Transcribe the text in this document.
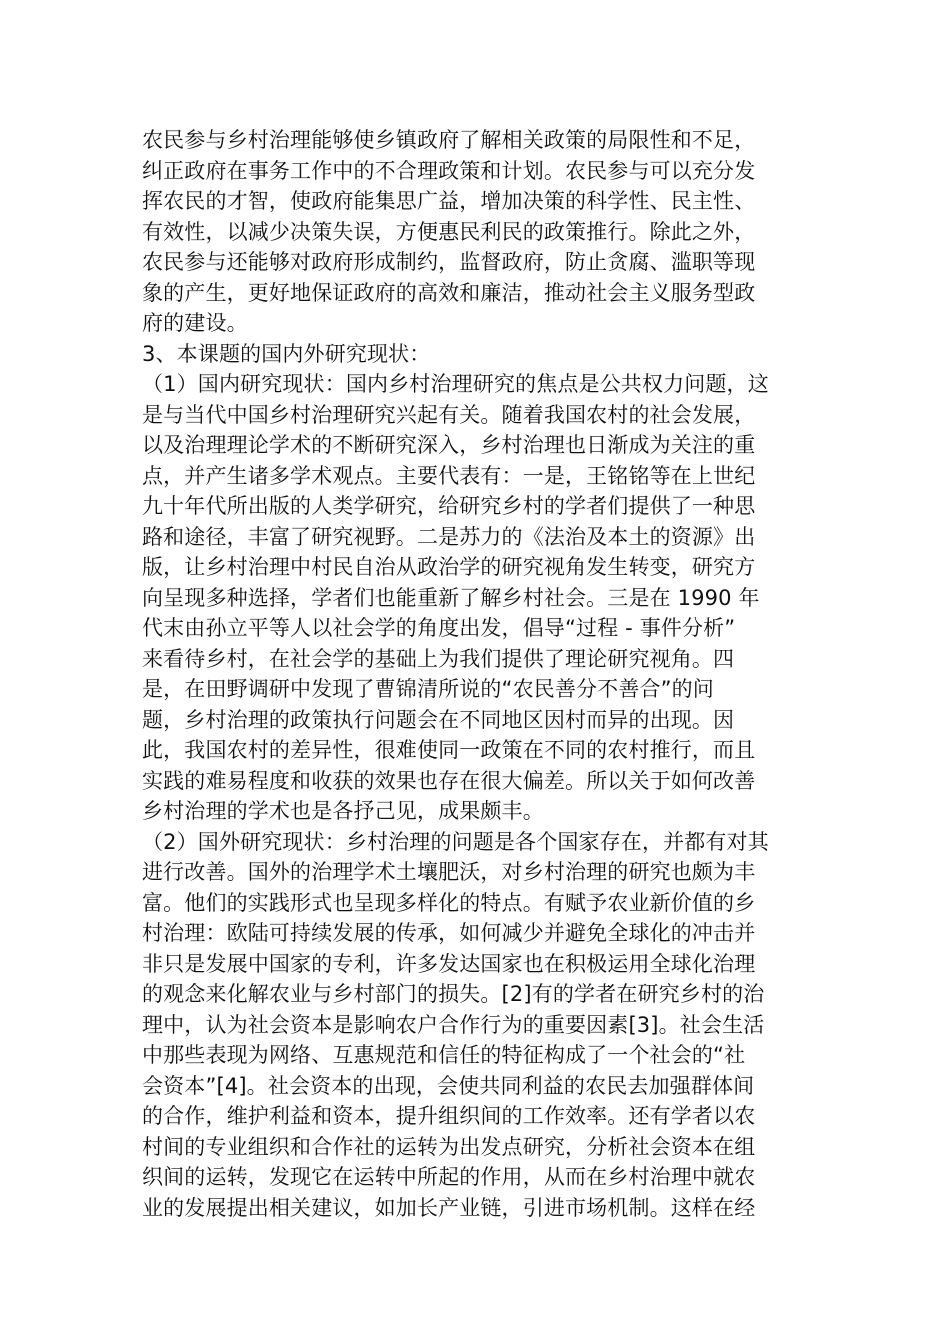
农民参与乡村治理能够使乡镇政府了解相关政策的局限性和不足，
纠正政府在事务工作中的不合理政策和计划。农民参与可以充分发
挥农民的才智，使政府能集思广益，增加决策的科学性、民主性、
有效性，以减少决策失误，方便惠民利民的政策推行。除此之外，
农民参与还能够对政府形成制约，监督政府，防止贪腐、滥职等现
象的产生，更好地保证政府的高效和廉洁，推动社会主义服务型政
府的建设。
3、本课题的国内外研究现状：
（1）国内研究现状：国内乡村治理研究的焦点是公共权力问题，这
是与当代中国乡村治理研究兴起有关。随着我国农村的社会发展，
以及治理理论学术的不断研究深入，乡村治理也日渐成为关注的重
点，并产生诸多学术观点。主要代表有：一是，王铭铭等在上世纪
九十年代所出版的人类学研究，给研究乡村的学者们提供了一种思
路和途径，丰富了研究视野。二是苏力的《法治及本土的资源》出
版，让乡村治理中村民自治从政治学的研究视角发生转变，研究方
向呈现多种选择，学者们也能重新了解乡村社会。三是在 1990 年
代末由孙立平等人以社会学的角度出发，倡导“过程 - 事件分析”
来看待乡村，在社会学的基础上为我们提供了理论研究视角。四
是，在田野调研中发现了曹锦清所说的“农民善分不善合”的问
题，乡村治理的政策执行问题会在不同地区因村而异的出现。因
此，我国农村的差异性，很难使同一政策在不同的农村推行，而且
实践的难易程度和收获的效果也存在很大偏差。所以关于如何改善
乡村治理的学术也是各抒己见，成果颇丰。
（2）国外研究现状：乡村治理的问题是各个国家存在，并都有对其
进行改善。国外的治理学术土壤肥沃，对乡村治理的研究也颇为丰
富。他们的实践形式也呈现多样化的特点。有赋予农业新价值的乡
村治理：欧陆可持续发展的传承，如何减少并避免全球化的冲击并
非只是发展中国家的专利，许多发达国家也在积极运用全球化治理
的观念来化解农业与乡村部门的损失。[2]有的学者在研究乡村的治
理中，认为社会资本是影响农户合作行为的重要因素[3]。社会生活
中那些表现为网络、互惠规范和信任的特征构成了一个社会的“社
会资本”[4]。社会资本的出现，会使共同利益的农民去加强群体间
的合作，维护利益和资本，提升组织间的工作效率。还有学者以农
村间的专业组织和合作社的运转为出发点研究，分析社会资本在组
织间的运转，发现它在运转中所起的作用，从而在乡村治理中就农
业的发展提出相关建议，如加长产业链，引进市场机制。这样在经
